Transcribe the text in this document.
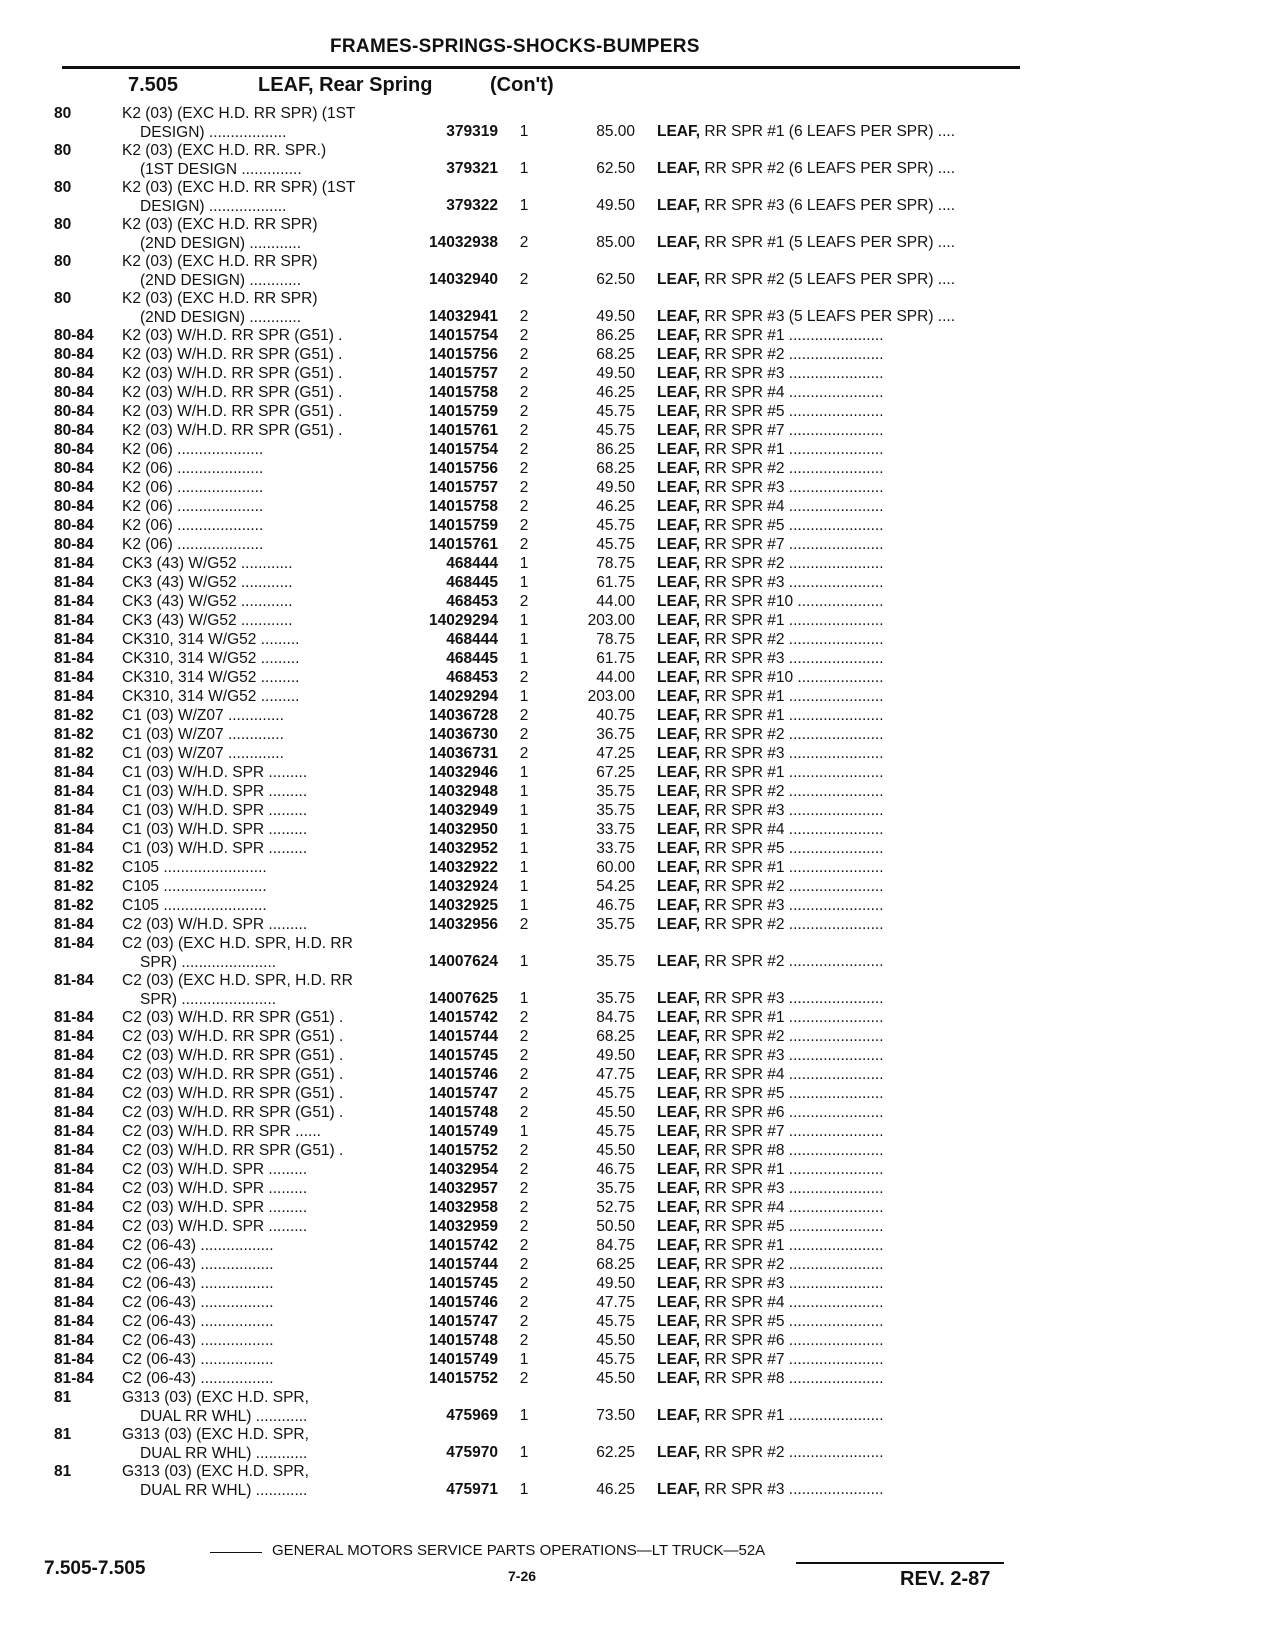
FRAMES-SPRINGS-SHOCKS-BUMPERS
7.505	LEAF, Rear Spring	(Con't)
80	K2 (03) (EXC H.D. RR SPR) (1ST
DESIGN) ..................	379319	1	85.00 LEAF, RR SPR #1 (6 LEAFS PER SPR) ....
80	K2 (03) (EXC H.D. RR. SPR.)
(1ST DESIGN ..............	379321	1	62.50 LEAF, RR SPR #2 (6 LEAFS PER SPR) ....
80	K2 (03) (EXC H.D. RR SPR) (1ST
DESIGN) ..................	379322	1	49.50 LEAF, RR SPR #3 (6 LEAFS PER SPR) ....
80	K2 (03) (EXC H.D. RR SPR)
(2ND DESIGN) ............	14032938	2	85.00 LEAF, RR SPR #1 (5 LEAFS PER SPR) ....
80	K2 (03) (EXC H.D. RR SPR)
(2ND DESIGN) ............	14032940	2	62.50 LEAF, RR SPR #2 (5 LEAFS PER SPR) ....
80	K2 (03) (EXC H.D. RR SPR)
(2ND DESIGN) ............	14032941	2	49.50 LEAF, RR SPR #3 (5 LEAFS PER SPR) ....
80-84 K2 (03) W/H.D. RR SPR (G51) .	14015754	2	86.25 LEAF, RR SPR #1 ......................
80-84 K2 (03) W/H.D. RR SPR (G51) .	14015756	2	68.25 LEAF, RR SPR #2 ......................
80-84 K2 (03) W/H.D. RR SPR (G51) .	14015757	2	49.50 LEAF, RR SPR #3 ......................
80-84 K2 (03) W/H.D. RR SPR (G51) .	14015758	2	46.25 LEAF, RR SPR #4 ......................
80-84 K2 (03) W/H.D. RR SPR (G51) .	14015759	2	45.75 LEAF, RR SPR #5 ......................
80-84 K2 (03) W/H.D. RR SPR (G51) .	14015761	2	45.75 LEAF, RR SPR #7 ......................
80-84 K2 (06) ....................	14015754	2	86.25 LEAF, RR SPR #1 ......................
80-84 K2 (06) ....................	14015756	2	68.25 LEAF, RR SPR #2 ......................
80-84 K2 (06) ....................	14015757	2	49.50 LEAF, RR SPR #3 ......................
80-84 K2 (06) ....................	14015758	2	46.25 LEAF, RR SPR #4 ......................
80-84 K2 (06) ....................	14015759	2	45.75 LEAF, RR SPR #5 ......................
80-84 K2 (06) ....................	14015761	2	45.75 LEAF, RR SPR #7 ......................
81-84 CK3 (43) W/G52 ............	468444	1	78.75 LEAF, RR SPR #2 ......................
81-84 CK3 (43) W/G52 ............	468445	1	61.75 LEAF, RR SPR #3 ......................
81-84 CK3 (43) W/G52 ............	468453	2	44.00 LEAF, RR SPR #10 ....................
81-84 CK3 (43) W/G52 ............	14029294	1	203.00 LEAF, RR SPR #1 ......................
81-84 CK310, 314 W/G52 .........	468444	1	78.75 LEAF, RR SPR #2 ......................
81-84 CK310, 314 W/G52 .........	468445	1	61.75 LEAF, RR SPR #3 ......................
81-84 CK310, 314 W/G52 .........	468453	2	44.00 LEAF, RR SPR #10 ....................
81-84 CK310, 314 W/G52 .........	14029294	1	203.00 LEAF, RR SPR #1 ......................
81-82 C1 (03) W/Z07 .............	14036728	2	40.75 LEAF, RR SPR #1 ......................
81-82 C1 (03) W/Z07 .............	14036730	2	36.75 LEAF, RR SPR #2 ......................
81-82 C1 (03) W/Z07 .............	14036731	2	47.25 LEAF, RR SPR #3 ......................
81-84 C1 (03) W/H.D. SPR .........	14032946	1	67.25 LEAF, RR SPR #1 ......................
81-84 C1 (03) W/H.D. SPR .........	14032948	1	35.75 LEAF, RR SPR #2 ......................
81-84 C1 (03) W/H.D. SPR .........	14032949	1	35.75 LEAF, RR SPR #3 ......................
81-84 C1 (03) W/H.D. SPR .........	14032950	1	33.75 LEAF, RR SPR #4 ......................
81-84 C1 (03) W/H.D. SPR .........	14032952	1	33.75 LEAF, RR SPR #5 ......................
81-82 C105 ........................	14032922	1	60.00 LEAF, RR SPR #1 ......................
81-82 C105 ........................	14032924	1	54.25 LEAF, RR SPR #2 ......................
81-82 C105 ........................	14032925	1	46.75 LEAF, RR SPR #3 ......................
81-84 C2 (03) W/H.D. SPR .........	14032956	2	35.75 LEAF, RR SPR #2 ......................
81-84 C2 (03) (EXC H.D. SPR, H.D. RR
SPR) ......................	14007624	1	35.75 LEAF, RR SPR #2 ......................
81-84 C2 (03) (EXC H.D. SPR, H.D. RR
SPR) ......................	14007625	1	35.75 LEAF, RR SPR #3 ......................
81-84 C2 (03) W/H.D. RR SPR (G51) .	14015742	2	84.75 LEAF, RR SPR #1 ......................
81-84 C2 (03) W/H.D. RR SPR (G51) .	14015744	2	68.25 LEAF, RR SPR #2 ......................
81-84 C2 (03) W/H.D. RR SPR (G51) .	14015745	2	49.50 LEAF, RR SPR #3 ......................
81-84 C2 (03) W/H.D. RR SPR (G51) .	14015746	2	47.75 LEAF, RR SPR #4 ......................
81-84 C2 (03) W/H.D. RR SPR (G51) .	14015747	2	45.75 LEAF, RR SPR #5 ......................
81-84 C2 (03) W/H.D. RR SPR (G51) .	14015748	2	45.50 LEAF, RR SPR #6 ......................
81-84 C2 (03) W/H.D. RR SPR ......	14015749	1	45.75 LEAF, RR SPR #7 ......................
81-84 C2 (03) W/H.D. RR SPR (G51) .	14015752	2	45.50 LEAF, RR SPR #8 ......................
81-84 C2 (03) W/H.D. SPR .........	14032954	2	46.75 LEAF, RR SPR #1 ......................
81-84 C2 (03) W/H.D. SPR .........	14032957	2	35.75 LEAF, RR SPR #3 ......................
81-84 C2 (03) W/H.D. SPR .........	14032958	2	52.75 LEAF, RR SPR #4 ......................
81-84 C2 (03) W/H.D. SPR .........	14032959	2	50.50 LEAF, RR SPR #5 ......................
81-84 C2 (06-43) .................	14015742	2	84.75 LEAF, RR SPR #1 ......................
81-84 C2 (06-43) .................	14015744	2	68.25 LEAF, RR SPR #2 ......................
81-84 C2 (06-43) .................	14015745	2	49.50 LEAF, RR SPR #3 ......................
81-84 C2 (06-43) .................	14015746	2	47.75 LEAF, RR SPR #4 ......................
81-84 C2 (06-43) .................	14015747	2	45.75 LEAF, RR SPR #5 ......................
81-84 C2 (06-43) .................	14015748	2	45.50 LEAF, RR SPR #6 ......................
81-84 C2 (06-43) .................	14015749	1	45.75 LEAF, RR SPR #7 ......................
81-84 C2 (06-43) .................	14015752	2	45.50 LEAF, RR SPR #8 ......................
81	G313 (03) (EXC H.D. SPR,
DUAL RR WHL) ............	475969	1	73.50 LEAF, RR SPR #1 ......................
81	G313 (03) (EXC H.D. SPR,
DUAL RR WHL) ............	475970	1	62.25 LEAF, RR SPR #2 ......................
81	G313 (03) (EXC H.D. SPR,
DUAL RR WHL) ............	475971	1	46.25 LEAF, RR SPR #3 ......................
GENERAL MOTORS SERVICE PARTS OPERATIONS—LT TRUCK—52A
7-26
7.505-7.505	REV. 2-87
